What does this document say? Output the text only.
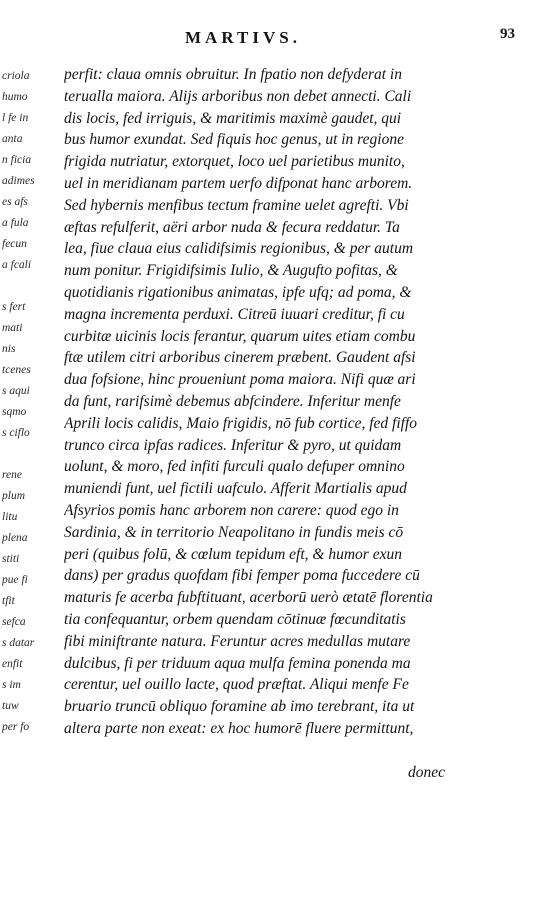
MARTIVS.	93
criola
humo
l fe in
anta
n ficia
adimes
es afs
a fula
fecun
a fcali

s fert
mati
nis
tcenes
s aqui
sqmo
s ciflo

rene
plum
litu
plena
stiti
pue fi
tfit
sefca
s datar
enfit
s im
tuw
per fo
perfit: claua omnis obruitur. In fpatio non defyderat in
terualla maiora. Alijs arboribus non debet annecti. Cali
dis locis, fed irriguis, & maritimis maximè gaudet, qui
bus humor exundat. Sed fiquis hoc genus, ut in regione
frigida nutriatur, extorquet, loco uel parietibus munito,
uel in meridianam partem uerfo difponat hanc arborem.
Sed hybernis menfibus tectum framine uelet agrefti. Vbi
æftas refulferit, aëri arbor nuda & fecura reddatur. Ta
lea, fiue claua eius calidifsimis regionibus, & per autum
num ponitur. Frigidifsimis Iulio, & Augufto pofitas, &
quotidianis rigationibus animatas, ipfe ufq; ad poma, &
magna incrementa perduxi. Citreū iuuari creditur, fi cu
curbitæ uicinis locis ferantur, quarum uites etiam combu
ftæ utilem citri arboribus cinerem præbent. Gaudent afsi
dua fofsione, hinc proueniunt poma maiora. Nifi quæ ari
da funt, rarifsimè debemus abfcindere. Inferitur menfe
Aprili locis calidis, Maio frigidis, nō fub cortice, fed fiffo
trunco circa ipfas radices. Inferitur & pyro, ut quidam
uolunt, & moro, fed infiti furculi qualo defuper omnino
muniendi funt, uel fictili uafculo. Afferit Martialis apud
Afsyrios pomis hanc arborem non carere: quod ego in
Sardinia, & in territorio Neapolitano in fundis meis cō
peri (quibus folū, & cœlum tepidum eft, & humor exun
dans) per gradus quofdam fibi femper poma fuccedere cū
maturis fe acerba fubftituant, acerborū uerò ætatē florentia
tia confequantur, orbem quendam cōtinuæ fœcunditatis
fibi miniftrante natura. Feruntur acres medullas mutare
dulcibus, fi per triduum aqua mulfa femina ponenda ma
cerentur, uel ouillo lacte, quod præftat. Aliqui menfe Fe
bruario truncū obliquo foramine ab imo terebrant, ita ut
altera parte non exeat: ex hoc humorē fluere permittunt,
donec
